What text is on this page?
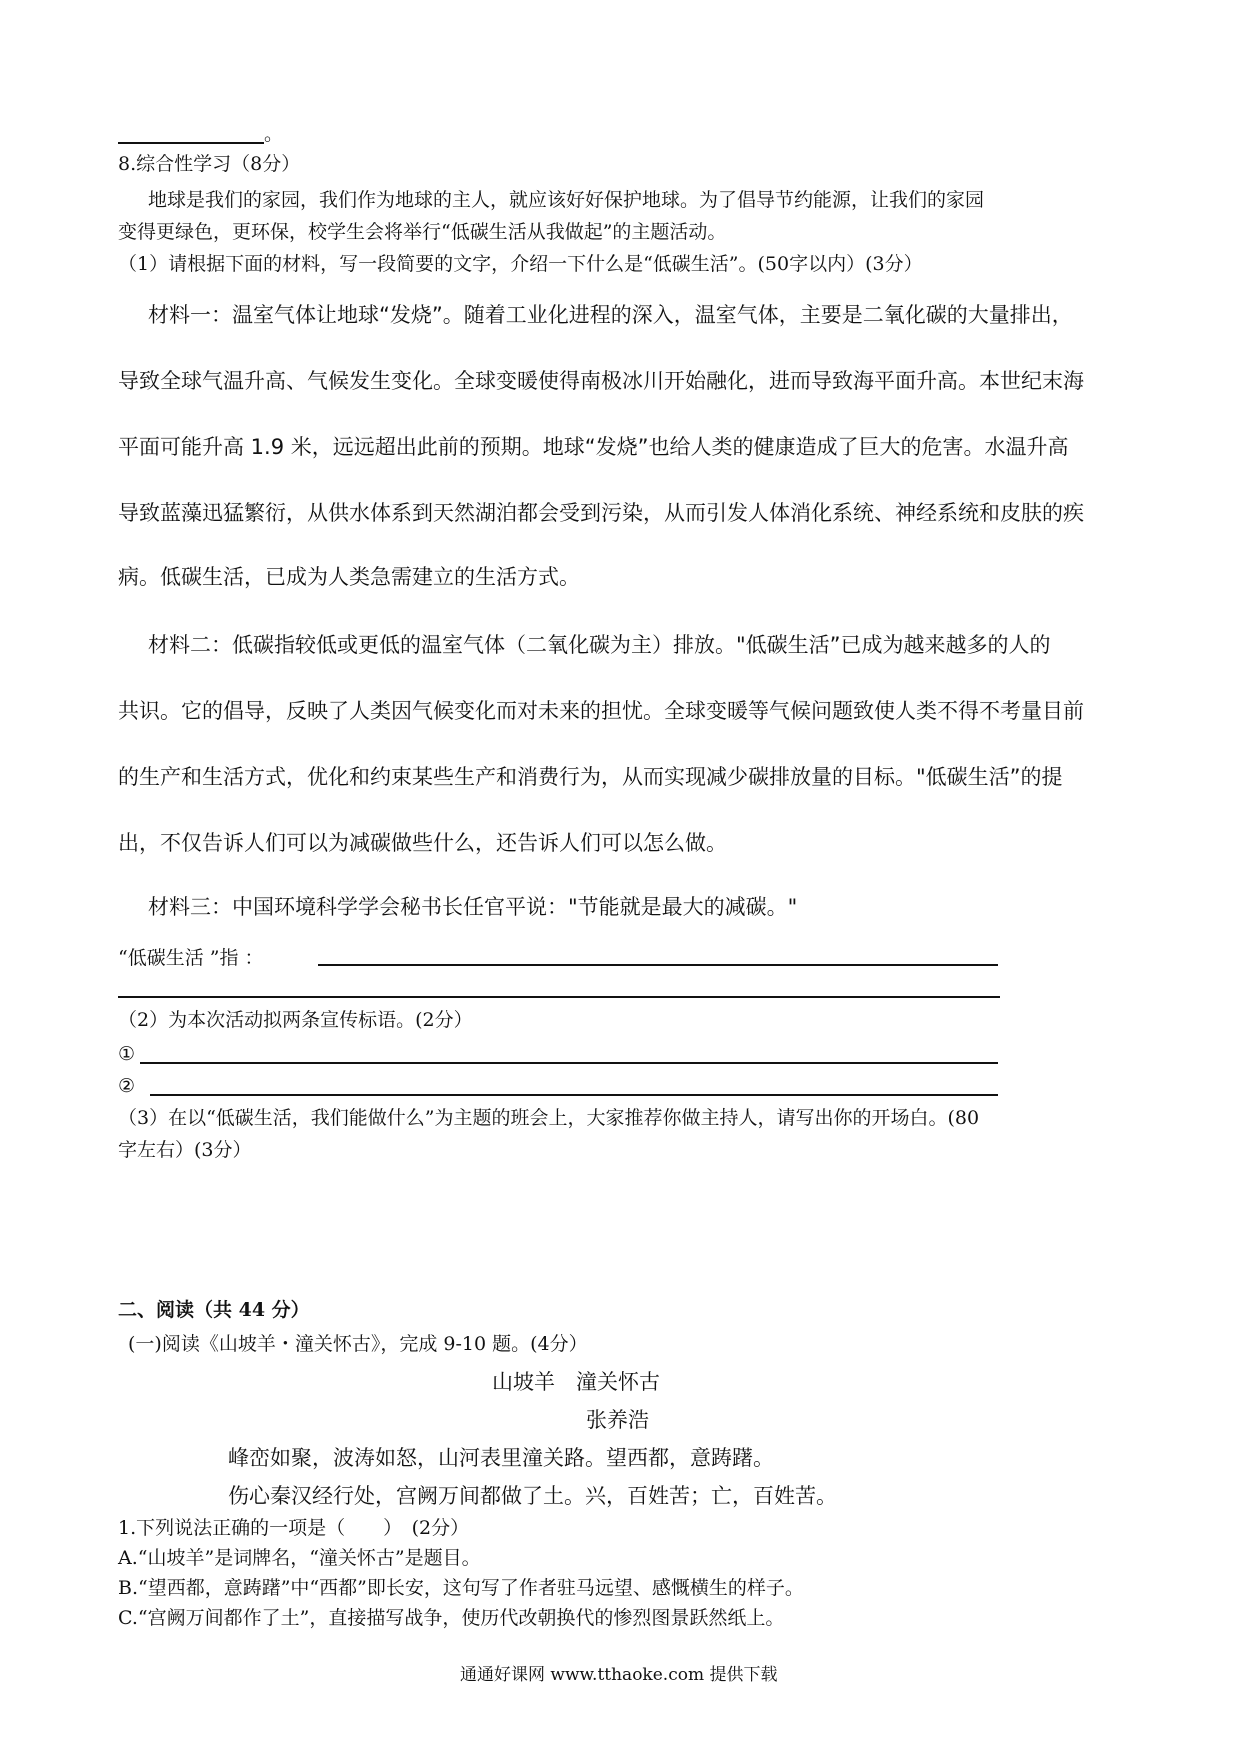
。
8.综合性学习（8分）
地球是我们的家园，我们作为地球的主人，就应该好好保护地球。为了倡导节约能源，让我们的家园
变得更绿色，更环保，校学生会将举行“低碳生活从我做起”的主题活动。
（1）请根据下面的材料，写一段简要的文字，介绍一下什么是“低碳生活”。(50字以内）(3分）
材料一：温室气体让地球“发烧”。随着工业化进程的深入，温室气体，主要是二氧化碳的大量排出，
导致全球气温升高、气候发生变化。全球变暖使得南极冰川开始融化，进而导致海平面升高。本世纪末海
平面可能升高 1.9 米，远远超出此前的预期。地球“发烧”也给人类的健康造成了巨大的危害。水温升高
导致蓝藻迅猛繁衍，从供水体系到天然湖泊都会受到污染，从而引发人体消化系统、神经系统和皮肤的疾
病。低碳生活，已成为人类急需建立的生活方式。
材料二：低碳指较低或更低的温室气体（二氧化碳为主）排放。"低碳生活”已成为越来越多的人的
共识。它的倡导，反映了人类因气候变化而对未来的担忧。全球变暖等气候问题致使人类不得不考量目前
的生产和生活方式，优化和约束某些生产和消费行为，从而实现减少碳排放量的目标。"低碳生活”的提
出，不仅告诉人们可以为减碳做些什么，还告诉人们可以怎么做。
材料三：中国环境科学学会秘书长任官平说："节能就是最大的减碳。"
“低碳生活 ”指 ：
（2）为本次活动拟两条宣传标语。(2分）
①
②
（3）在以“低碳生活，我们能做什么”为主题的班会上，大家推荐你做主持人，请写出你的开场白。(80
字左右）(3分）
二、阅读（共 44 分）
(一)阅读《山坡羊・潼关怀古》，完成 9-10 题。(4分）
山坡羊　潼关怀古
张养浩
峰峦如聚，波涛如怒，山河表里潼关路。望西都，意踌躇。
伤心秦汉经行处，宫阙万间都做了土。兴，百姓苦；亡，百姓苦。
1.下列说法正确的一项是（　　）　(2分）
A.“山坡羊”是词牌名，“潼关怀古”是题目。
B.“望西都，意踌躇”中“西都”即长安，这句写了作者驻马远望、感慨横生的样子。
C.“宫阙万间都作了土”，直接描写战争，使历代改朝换代的惨烈图景跃然纸上。
通通好课网 www.tthaoke.com 提供下载
